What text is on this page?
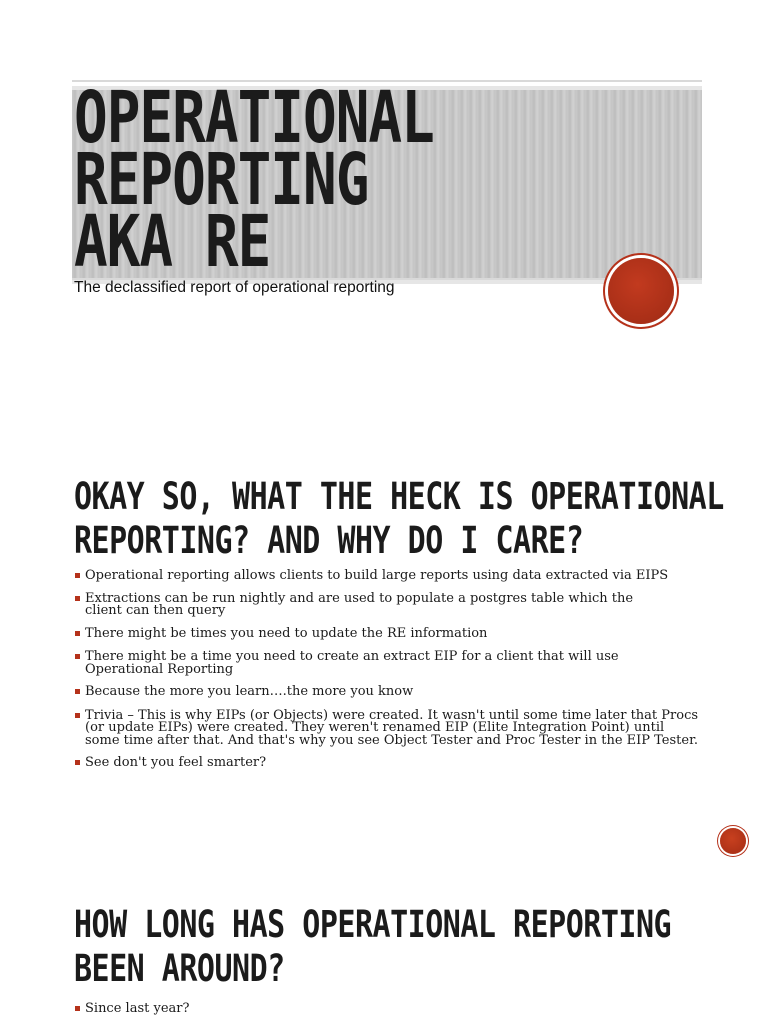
OPERATIONAL
REPORTING
AKA RE
The declassified report of operational reporting
OKAY SO, WHAT THE HECK IS OPERATIONAL
REPORTING? AND WHY DO I CARE?
Operational reporting allows clients to build large reports using data extracted via EIPS
Extractions can be run nightly and are used to populate a postgres table which the client can then query
There might be times you need to update the RE information
There might be a time you need to create an extract EIP for a client that will use Operational Reporting
Because the more you learn….the more you know
Trivia – This is why EIPs (or Objects) were created. It wasn't until some time later that Procs (or update EIPs) were created. They weren't renamed EIP (Elite Integration Point) until some time after that. And that's why you see Object Tester and Proc Tester in the EIP Tester.
See don't you feel smarter?
HOW LONG HAS OPERATIONAL REPORTING
BEEN AROUND?
Since last year?
